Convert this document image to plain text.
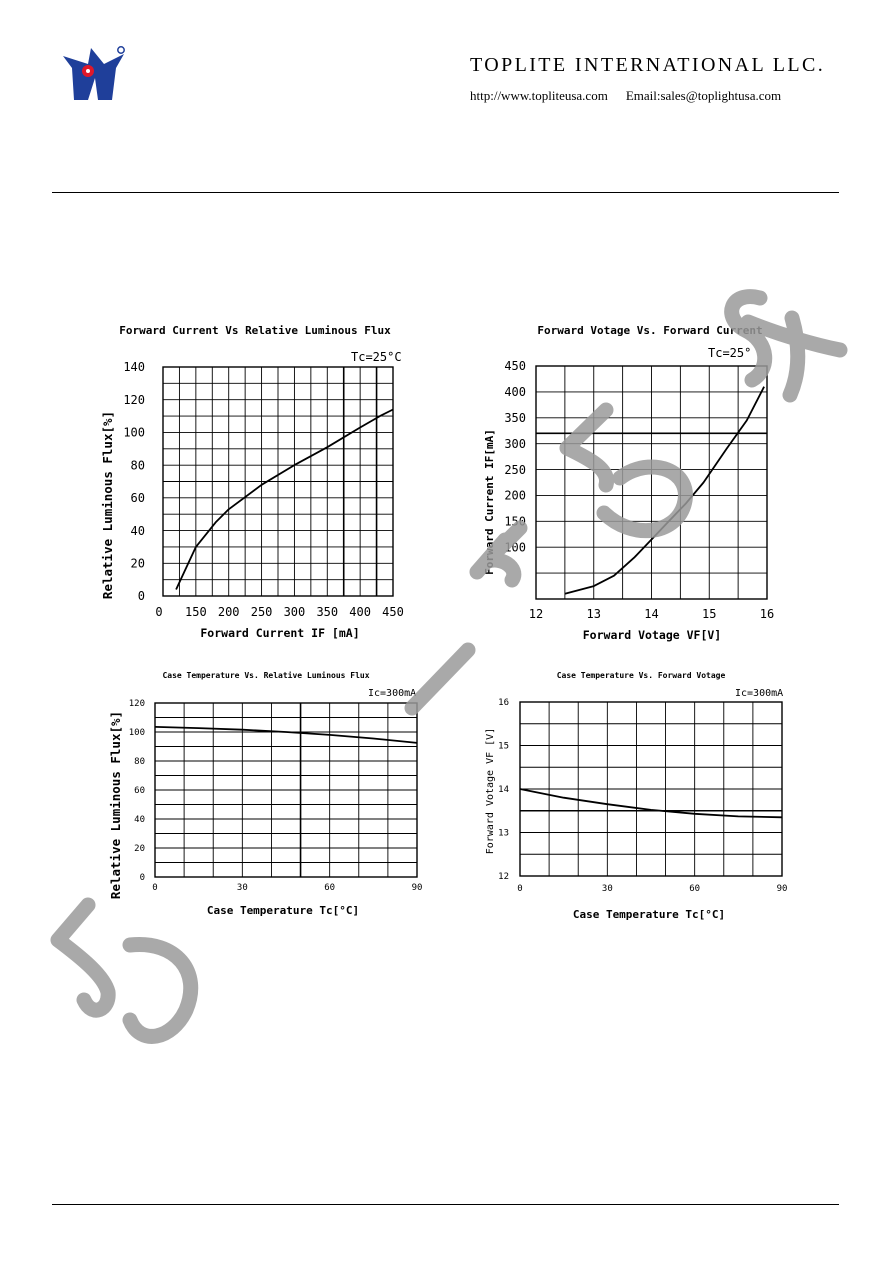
TOPLITE INTERNATIONAL LLC.
http://www.topliteusa.com Email:sales@toplightusa.com
Forward Current Vs Relative Luminous Flux
Tc=25°C
0 150 200 250 300 350 400 450
0
20
40
60
80
100
120
140
Forward Current IF [mA]
Relative Luminous Flux[%]
Forward Votage Vs. Forward Current
Tc=25°
12	13	14	15	16
100
150
200
250
300
350
400
450
Forward Votage VF[V]
Forward Current IF[mA]
Case Temperature Vs. Relative Luminous Flux
Ic=300mA
0	30	60	90
0
20
40
60
80
100
120
Case Temperature Tc[°C]
Relative Luminous Flux[%]
Case Temperature Vs. Forward Votage
Ic=300mA
0	30	60	90
12
13
14
15
16
Case Temperature Tc[°C]
Forward Votage VF [V]
